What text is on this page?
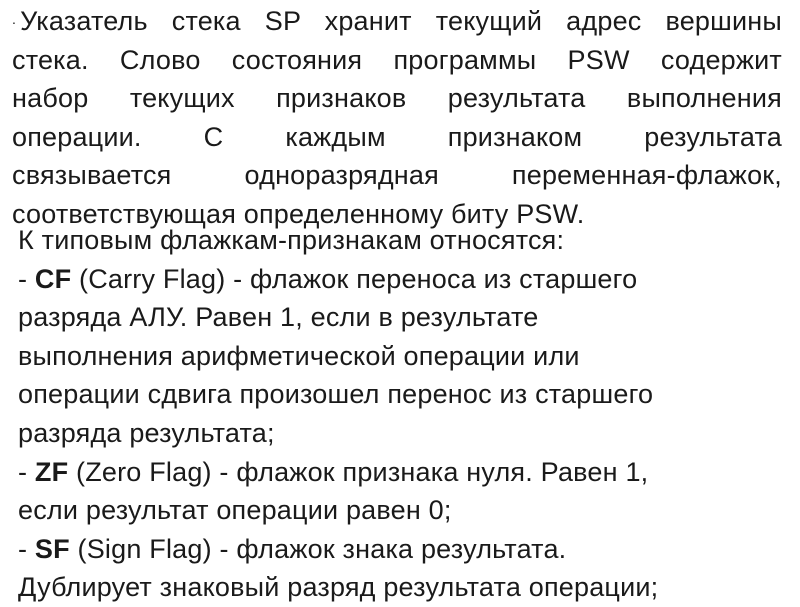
. Указатель стека SP хранит текущий адрес вершины
стека. Слово состояния программы PSW содержит
набор текущих признаков результата выполнения
операции. С каждым признаком результата
связывается одноразрядная переменная-флажок,
соответствующая определенному биту PSW.
К типовым флажкам-признакам относятся:
- CF (Carry Flag) - флажок переноса из старшего
разряда АЛУ. Равен 1, если в результате
выполнения арифметической операции или
операции сдвига произошел перенос из старшего
разряда результата;
- ZF (Zero Flag) - флажок признака нуля. Равен 1,
если результат операции равен 0;
- SF (Sign Flag) - флажок знака результата.
Дублирует знаковый разряд результата операции;
